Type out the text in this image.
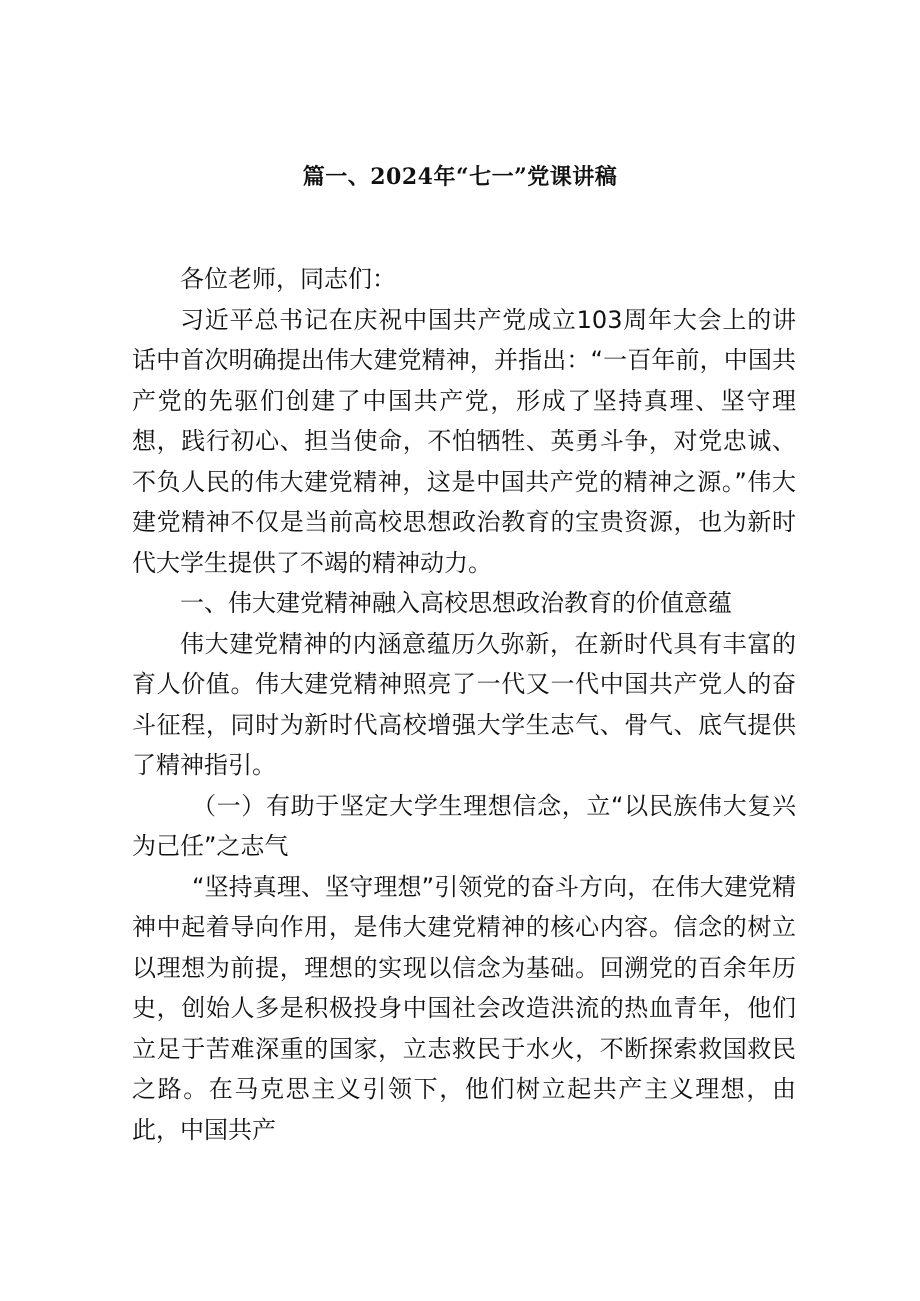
篇一、2024年“七一”党课讲稿

各位老师，同志们：

习近平总书记在庆祝中国共产党成立103周年大会上的讲话中首次明确提出伟大建党精神，并指出：“一百年前，中国共产党的先驱们创建了中国共产党，形成了坚持真理、坚守理想，践行初心、担当使命，不怕牺牲、英勇斗争，对党忠诚、不负人民的伟大建党精神，这是中国共产党的精神之源。”伟大建党精神不仅是当前高校思想政治教育的宝贵资源，也为新时代大学生提供了不竭的精神动力。

一、伟大建党精神融入高校思想政治教育的价值意蕴

伟大建党精神的内涵意蕴历久弥新，在新时代具有丰富的育人价值。伟大建党精神照亮了一代又一代中国共产党人的奋斗征程，同时为新时代高校增强大学生志气、骨气、底气提供了精神指引。

（一）有助于坚定大学生理想信念，立“以民族伟大复兴为己任”之志气

“坚持真理、坚守理想”引领党的奋斗方向，在伟大建党精神中起着导向作用，是伟大建党精神的核心内容。信念的树立以理想为前提，理想的实现以信念为基础。回溯党的百余年历史，创始人多是积极投身中国社会改造洪流的热血青年，他们立足于苦难深重的国家，立志救民于水火，不断探索救国救民之路。在马克思主义引领下，他们树立起共产主义理想，由此，中国共产
